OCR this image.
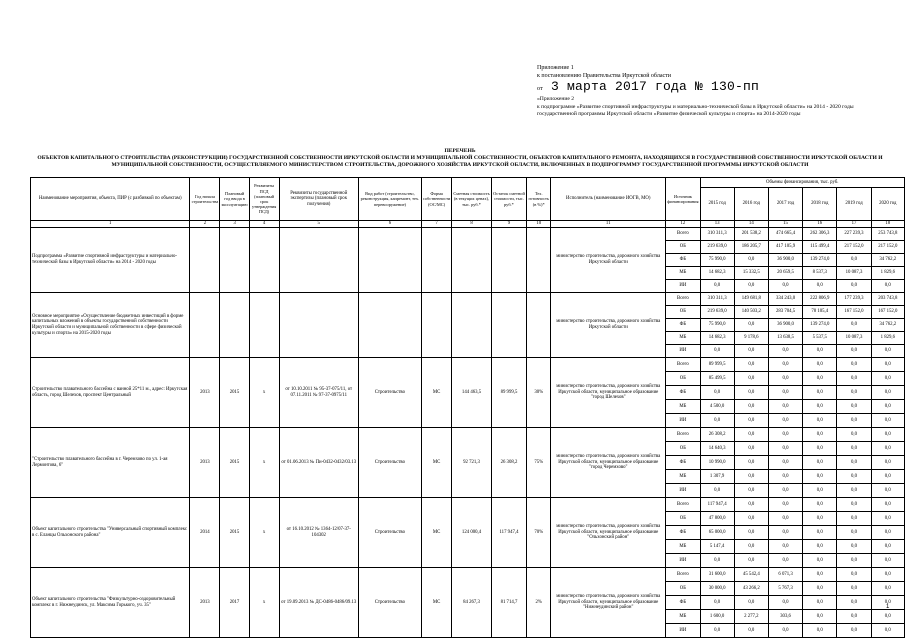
Приложение 1
к постановлению Правительства Иркутской области
от 3 марта 2017 года № 130-пп
«Приложение 2
к подпрограмме «Развитие спортивной инфраструктуры и материально-технической базы в Иркутской области» на 2014 - 2020 годы государственной программы Иркутской области «Развитие физической культуры и спорта» на 2014-2020 годы
ПЕРЕЧЕНЬ
ОБЪЕКТОВ КАПИТАЛЬНОГО СТРОИТЕЛЬСТВА (РЕКОНСТРУКЦИИ) ГОСУДАРСТВЕННОЙ СОБСТВЕННОСТИ ИРКУТСКОЙ ОБЛАСТИ И МУНИЦИПАЛЬНОЙ СОБСТВЕННОСТИ, ОБЪЕКТОВ КАПИТАЛЬНОГО РЕМОНТА, НАХОДЯЩИХСЯ В ГОСУДАРСТВЕННОЙ СОБСТВЕННОСТИ ИРКУТСКОЙ ОБЛАСТИ И МУНИЦИПАЛЬНОЙ СОБСТВЕННОСТИ, ОСУЩЕСТВЛЯЕМОГО МИНИСТЕРСТВОМ СТРОИТЕЛЬСТВА, ДОРОЖНОГО ХОЗЯЙСТВА ИРКУТСКОЙ ОБЛАСТИ, ВКЛЮЧЕННЫХ В ПОДПРОГРАММУ ГОСУДАРСТВЕННОЙ ПРОГРАММЫ ИРКУТСКОЙ ОБЛАСТИ
Наименование мероприятия, объекта, ПИР (с разбивкой по объектам)	Год начала строительства	Плановый год ввода в эксплуатацию	Реквизиты ПСД (плановый срок утверждения ПСД)	Реквизиты государственной экспертизы (плановый срок получения)	Вид работ (строительство, реконструкция, капремонт, тех. перевооружение)	Форма собственности (ОС/МС)	Сметная стоимость (в текущих ценах), тыс. руб.*	Остаток сметной стоимости, тыс. руб.*	Тех. готовность (в %)*	Исполнитель (наименование ИОГВ, МО)	Источник финансирования	Объемы финансирования, тыс. руб.					
												2015 год	2016 год	2017 год	2018 год	2019 год	2020 год
1	2	3	4	5	6	7	8	9	10	11	12	13	14	15	16	17	18
Подпрограмма «Развитие спортивной инфраструктуры и материально- технической базы в Иркутской области» на 2014 - 2020 годы										министерство строительства, дорожного хозяйства Иркутской области	Всего	310 311,3	201 538,2	474 665,4	262 306,3	227 239,3	253 743,8
											ОБ	219 639,0	186 205,7	417 105,9	115 499,4	217 152,0	217 152,0
											ФБ	75 990,0	0,0	36 900,0	139 274,0	0,0	34 762,2
											МБ	14 682,3	15 332,5	20 659,5	8 537,3	10 087,3	1 829,6
											ИИ	0,0	0,0	0,0	0,0	0,0	0,0
Основное мероприятие «Осуществление бюджетных инвестиций в форме капитальных вложений в объекты государственной собственности Иркутской области и муниципальной собственности в сфере физической культуры и спорта» на 2015-2020 годы										министерство строительства, дорожного хозяйства Иркутской области	Всего	310 311,3	149 681,8	334 243,0	222 806,9	177 239,3	203 743,8
											ОБ	219 639,0	140 503,2	283 704,5	78 105,4	167 152,0	167 152,0
											ФБ	75 990,0	0,0	36 900,0	139 274,0	0,0	34 762,2
											МБ	14 682,3	9 178,6	13 638,5	5 537,5	10 087,3	1 829,6
											ИИ	0,0	0,0	0,0	0,0	0,0	0,0
Строительство плавательного бассейна с ванной 25*11 м., адрес: Иркутская область, город Шелехов, проспект Центральный	2013	2015	x	от 10.10.2011 № 95-37-075/11, от 07.11.2011 № 97-37-0975/11	Строительство	МС	144 463,5	89 999,5	30%	министерство строительства, дорожного хозяйства Иркутской области, муниципальное образование "город Шелехов"	Всего	89 999,5	0,0	0,0	0,0	0,0	0,0
											ОБ	85 499,5	0,0	0,0	0,0	0,0	0,0
											ФБ	0,0	0,0	0,0	0,0	0,0	0,0
											МБ	4 500,0	0,0	0,0	0,0	0,0	0,0
											ИИ	0,0	0,0	0,0	0,0	0,0	0,0
"Строительство плавательного бассейна в г. Черемхово по ул. 1-ая Лермонтова, 6"	2013	2015	x	от 01.06.2013 № Пи-0432-0432/03.13	Строительство	МС	92 721,3	26 308,2	75%	министерство строительства, дорожного хозяйства Иркутской области, муниципальное образование "город Черемхово"	Всего	26 308,2	0,0	0,0	0,0	0,0	0,0
											ОБ	14 640,3	0,0	0,0	0,0	0,0	0,0
											ФБ	10 990,0	0,0	0,0	0,0	0,0	0,0
											МБ	1 307,9	0,0	0,0	0,0	0,0	0,0
											ИИ	0,0	0,0	0,0	0,0	0,0	0,0
Объект капитального строительства "Универсальный спортивный комплекс в с. Еланцы Ольхонского района"	2014	2015	x	от 16.10.2012 № 1364-12/07-37-104302	Строительство	МС	124 000,4	117 947,4	70%	министерство строительства, дорожного хозяйства Иркутской области, муниципальное образование "Ольхонский район"	Всего	117 947,4	0,0	0,0	0,0	0,0	0,0
											ОБ	47 800,0	0,0	0,0	0,0	0,0	0,0
											ФБ	65 000,0	0,0	0,0	0,0	0,0	0,0
											МБ	5 147,4	0,0	0,0	0,0	0,0	0,0
											ИИ	0,0	0,0	0,0	0,0	0,0	0,0
Объект капитального строительства "Физкультурно-оздоровительный комплекс в г. Нижнеудинск, ул. Максима Горького, уч. 35"	2013	2017	x	от 19.09.2013 № ДС-0486-0486/09.13	Строительство	МС	84 267,3	81 714,7	2%	министерство строительства, дорожного хозяйства Иркутской области, муниципальное образование "Нижнеудинский район"	Всего	31 600,0	45 542,4	6 071,3	0,0	0,0	0,0
											ОБ	30 000,0	43 266,2	5 767,3	0,0	0,0	0,0
											ФБ	0,0	0,0	0,0	0,0	0,0	0,0
											МБ	1 600,0	2 277,2	303,6	0,0	0,0	0,0
											ИИ	0,0	0,0	0,0	0,0	0,0	0,0
1
